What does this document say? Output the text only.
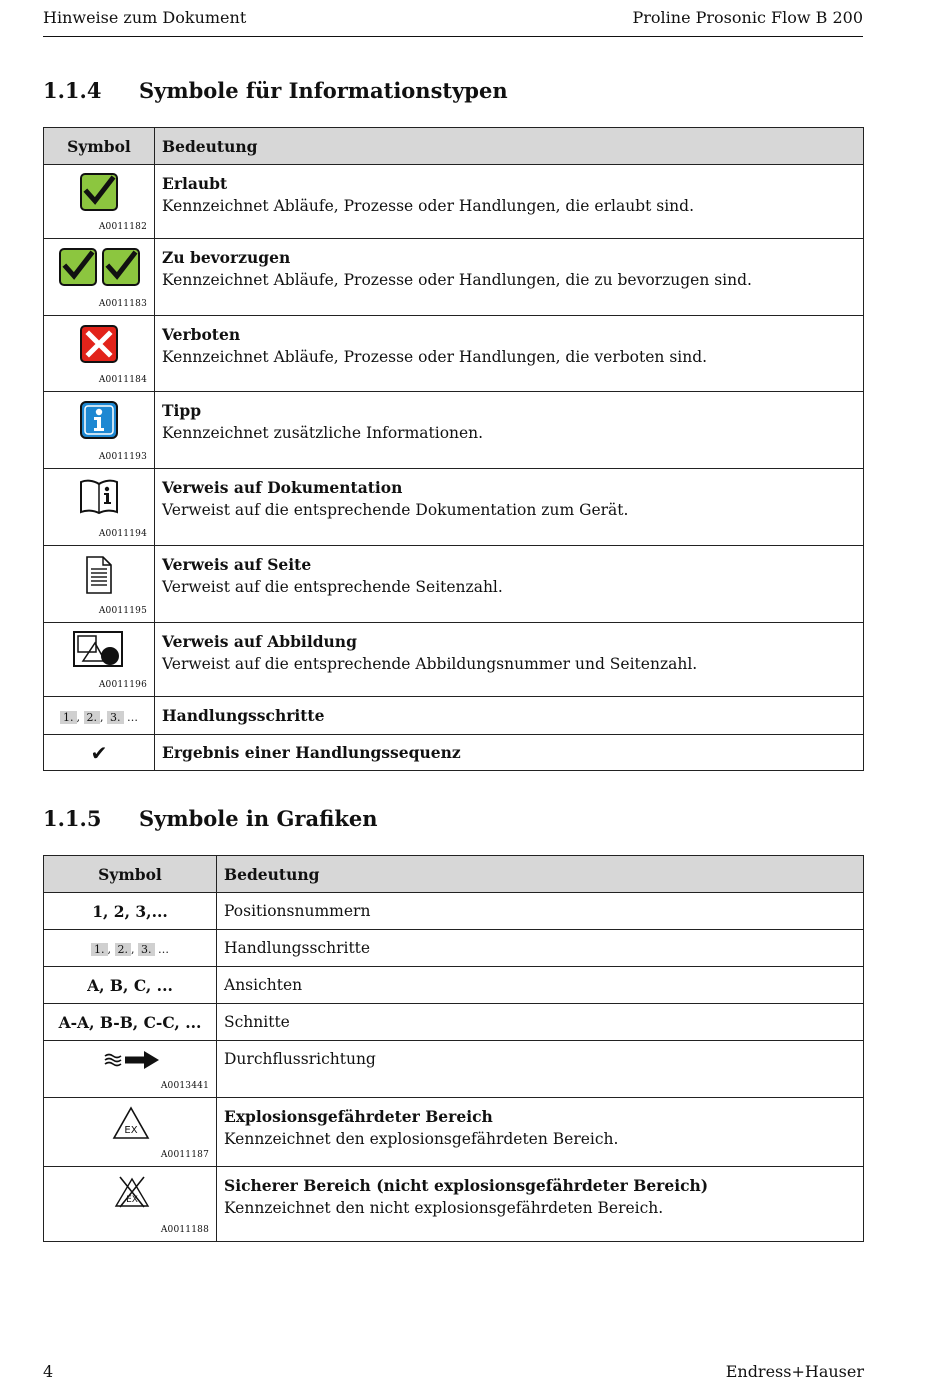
Hinweise zum Dokument	Proline Prosonic Flow B 200
1.1.4 Symbole für Informationstypen
Symbol	Bedeutung

A0011182	Erlaubt
Kennzeichnet Abläufe, Prozesse oder Handlungen, die erlaubt sind.

A0011183	Zu bevorzugen
Kennzeichnet Abläufe, Prozesse oder Handlungen, die zu bevorzugen sind.

A0011184	Verboten
Kennzeichnet Abläufe, Prozesse oder Handlungen, die verboten sind.

A0011193	Tipp
Kennzeichnet zusätzliche Informationen.

A0011194	Verweis auf Dokumentation
Verweist auf die entsprechende Dokumentation zum Gerät.

A0011195	Verweis auf Seite
Verweist auf die entsprechende Seitenzahl.

A0011196	Verweis auf Abbildung
Verweist auf die entsprechende Abbildungsnummer und Seitenzahl.
1. , 2. , 3. …	Handlungsschritte
✔	Ergebnis einer Handlungssequenz
1.1.5 Symbole in Grafiken
Symbol	Bedeutung
1, 2, 3,...	Positionsnummern
1. , 2. , 3. …	Handlungsschritte
A, B, C, ...	Ansichten
A-A, B-B, C-C, ...	Schnitte

A0013441	Durchflussrichtung

EX
A0011187	Explosionsgefährdeter Bereich
Kennzeichnet den explosionsgefährdeten Bereich.

EX
A0011188	Sicherer Bereich (nicht explosionsgefährdeter Bereich)
Kennzeichnet den nicht explosionsgefährdeten Bereich.
4	Endress+Hauser
